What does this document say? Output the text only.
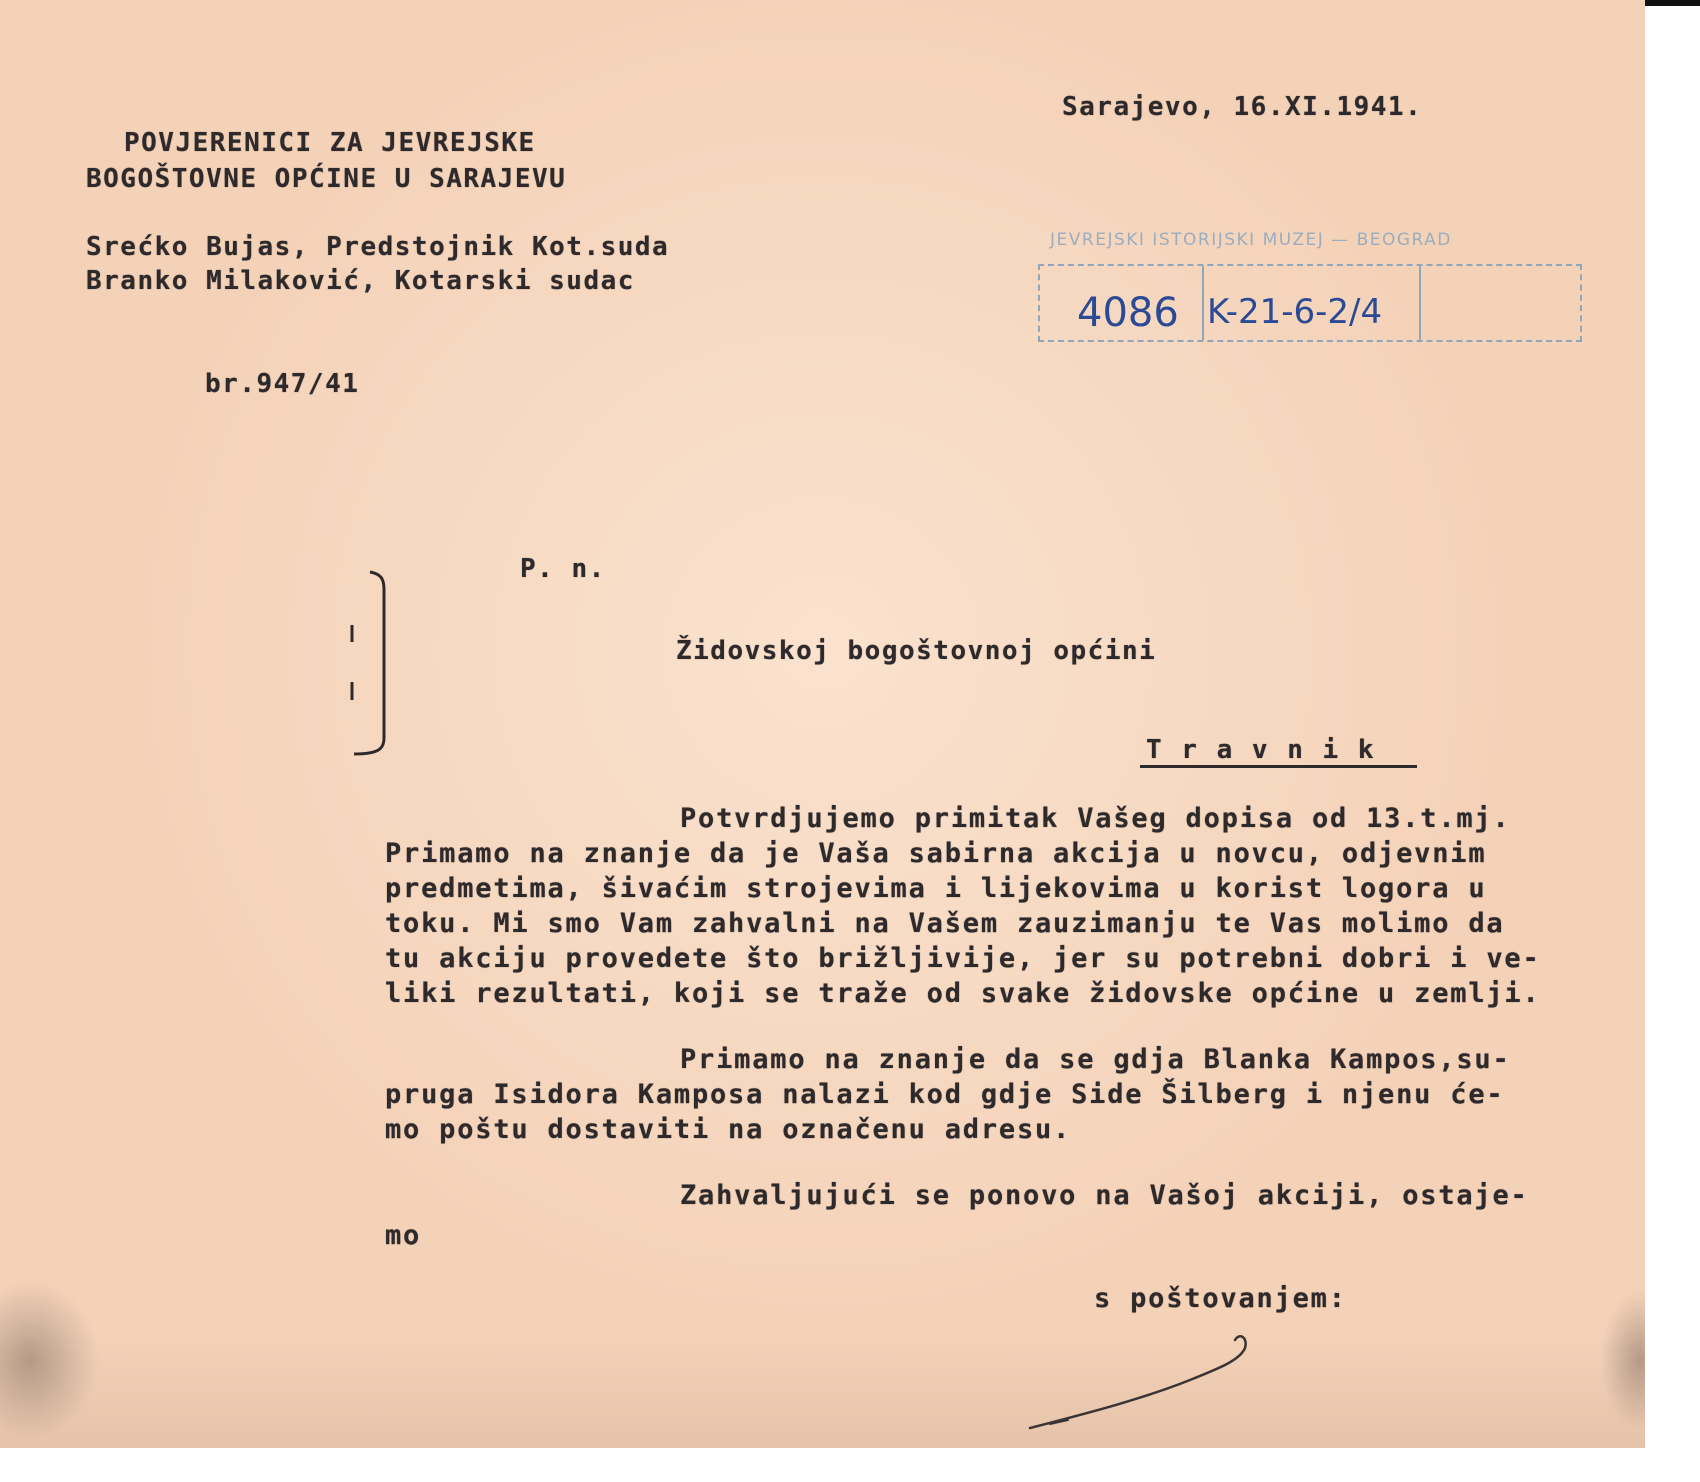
Sarajevo, 16.XI.1941.

POVJERENICI ZA JEVREJSKE

BOGOŠTOVNE OPĆINE U SARAJEVU

Srećko Bujas, Predstojnik Kot.suda

Branko Milaković, Kotarski sudac

br.947/41

JEVREJSKI ISTORIJSKI MUZEJ — BEOGRAD
4086 K-21-6-2/4

P. n.

Židovskoj bogoštovnoj općini

T r a v n i k

Potvrdjujemo primitak Vašeg dopisa od 13.t.mj.

Primamo na znanje da je Vaša sabirna akcija u novcu, odjevnim

predmetima, šivaćim strojevima i lijekovima u korist logora u

toku. Mi smo Vam zahvalni na Vašem zauzimanju te Vas molimo da

tu akciju provedete što brižljivije, jer su potrebni dobri i ve-

liki rezultati, koji se traže od svake židovske općine u zemlji.

Primamo na znanje da se gdja Blanka Kampos,su-

pruga Isidora Kamposa nalazi kod gdje Side Šilberg i njenu će-

mo poštu dostaviti na označenu adresu.

Zahvaljujući se ponovo na Vašoj akciji, ostaje-

mo

s poštovanjem:
